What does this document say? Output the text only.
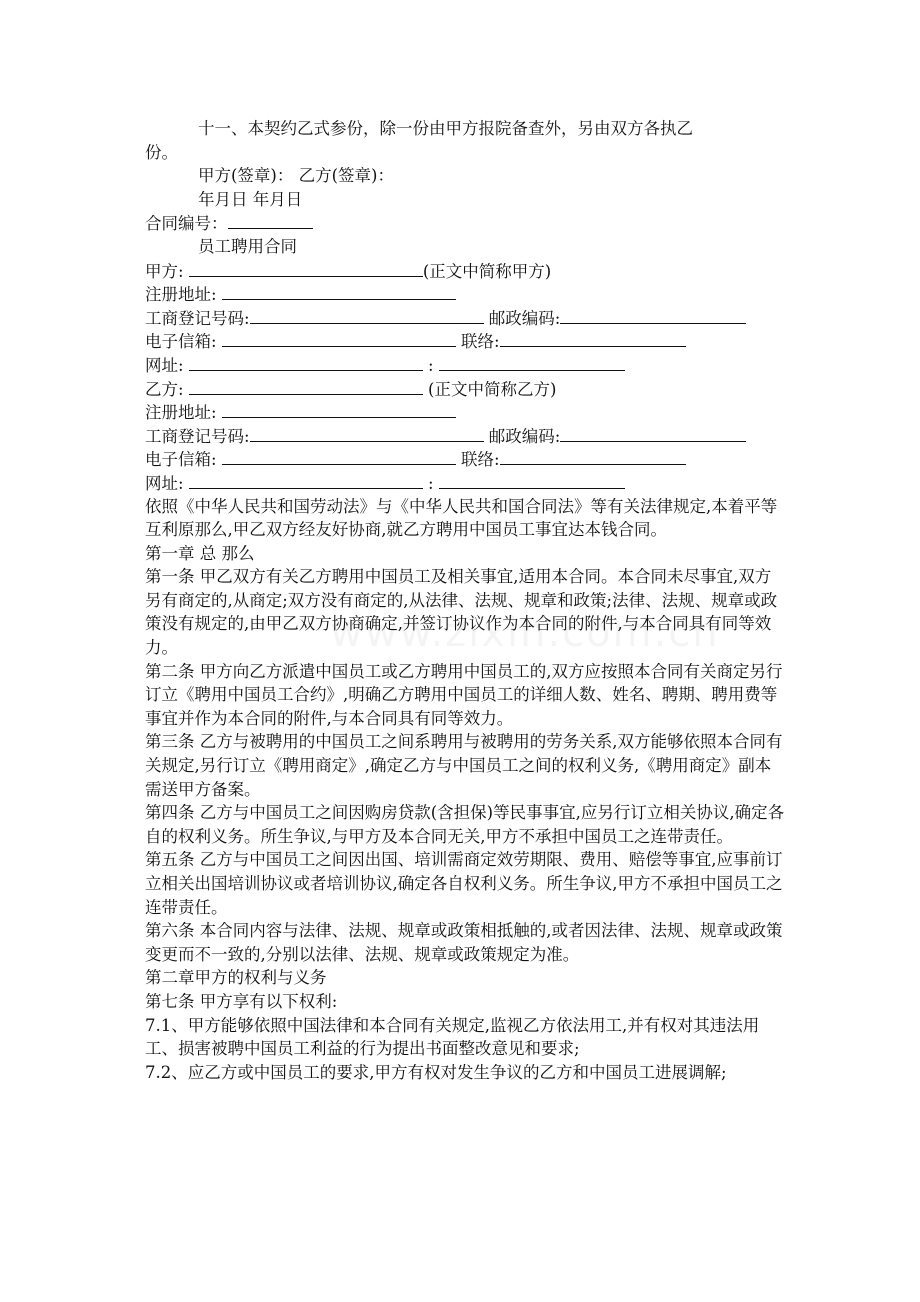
十一、本契约乙式参份，除一份由甲方报院备查外，另由双方各执乙

份。

甲方(签章)： 乙方(签章)：

年月日 年月日

合同编号：

员工聘用合同

甲方:	(正文中简称甲方)

注册地址:

工商登记号码:	邮政编码:

电子信箱:	联络:

网址:	:

乙方:	(正文中简称乙方)

注册地址:

工商登记号码:	邮政编码:

电子信箱:	联络:

网址:	:

依照《中华人民共和国劳动法》与《中华人民共和国合同法》等有关法律规定,本着平等互利原那么,甲乙双方经友好协商,就乙方聘用中国员工事宜达本钱合同。

第一章 总 那么

第一条 甲乙双方有关乙方聘用中国员工及相关事宜,适用本合同。本合同未尽事宜,双方另有商定的,从商定;双方没有商定的,从法律、法规、规章和政策;法律、法规、规章或政策没有规定的,由甲乙双方协商确定,并签订协议作为本合同的附件,与本合同具有同等效力。

第二条 甲方向乙方派遣中国员工或乙方聘用中国员工的,双方应按照本合同有关商定另行订立《聘用中国员工合约》,明确乙方聘用中国员工的详细人数、姓名、聘期、聘用费等事宜并作为本合同的附件,与本合同具有同等效力。

第三条 乙方与被聘用的中国员工之间系聘用与被聘用的劳务关系,双方能够依照本合同有关规定,另行订立《聘用商定》,确定乙方与中国员工之间的权利义务,《聘用商定》副本需送甲方备案。

第四条 乙方与中国员工之间因购房贷款(含担保)等民事事宜,应另行订立相关协议,确定各自的权利义务。所生争议,与甲方及本合同无关,甲方不承担中国员工之连带责任。

第五条 乙方与中国员工之间因出国、培训需商定效劳期限、费用、赔偿等事宜,应事前订立相关出国培训协议或者培训协议,确定各自权利义务。所生争议,甲方不承担中国员工之连带责任。

第六条 本合同内容与法律、法规、规章或政策相抵触的,或者因法律、法规、规章或政策变更而不一致的,分别以法律、法规、规章或政策规定为准。

第二章甲方的权利与义务

第七条 甲方享有以下权利:

7.1、甲方能够依照中国法律和本合同有关规定,监视乙方依法用工,并有权对其违法用工、损害被聘中国员工利益的行为提出书面整改意见和要求;

7.2、应乙方或中国员工的要求,甲方有权对发生争议的乙方和中国员工进展调解;
